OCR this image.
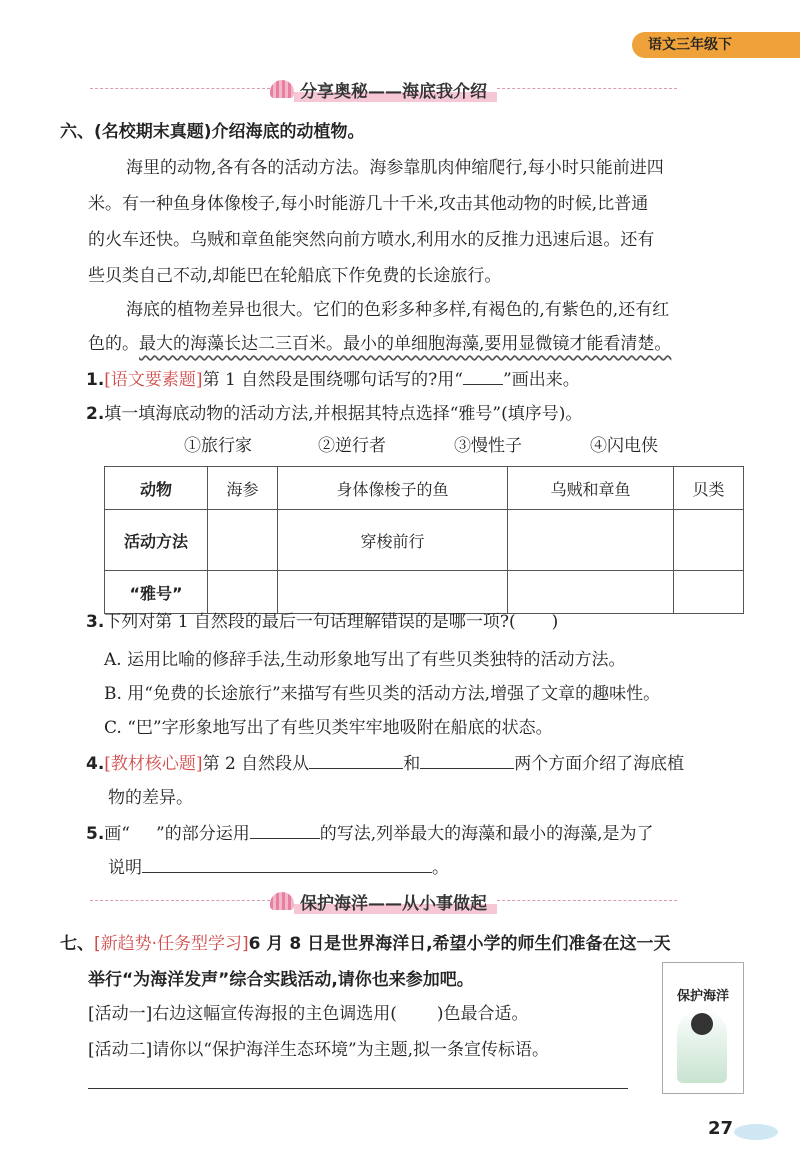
语文三年级下
分享奥秘——海底我介绍
六、(名校期末真题)介绍海底的动植物。
海里的动物,各有各的活动方法。海参靠肌肉伸缩爬行,每小时只能前进四
米。有一种鱼身体像梭子,每小时能游几十千米,攻击其他动物的时候,比普通
的火车还快。乌贼和章鱼能突然向前方喷水,利用水的反推力迅速后退。还有
些贝类自己不动,却能巴在轮船底下作免费的长途旅行。
海底的植物差异也很大。它们的色彩多种多样,有褐色的,有紫色的,还有红
色的。最大的海藻长达二三百米。最小的单细胞海藻,要用显微镜才能看清楚。
1.[语文要素题]第 1 自然段是围绕哪句话写的?用“ ”画出来。
2.填一填海底动物的活动方法,并根据其特点选择“雅号”(填序号)。
①旅行家	②逆行者	③慢性子	④闪电侠
动物	海参	身体像梭子的鱼	乌贼和章鱼	贝类
活动方法		穿梭前行		
“雅号”				
3.下列对第 1 自然段的最后一句话理解错误的是哪一项?( )
A. 运用比喻的修辞手法,生动形象地写出了有些贝类独特的活动方法。
B. 用“免费的长途旅行”来描写有些贝类的活动方法,增强了文章的趣味性。
C. “巴”字形象地写出了有些贝类牢牢地吸附在船底的状态。
4.[教材核心题]第 2 自然段从	和	两个方面介绍了海底植
物的差异。
5.画“ ”的部分运用	的写法,列举最大的海藻和最小的海藻,是为了
说明	。
保护海洋——从小事做起
七、[新趋势·任务型学习]6 月 8 日是世界海洋日,希望小学的师生们准备在这一天
举行“为海洋发声”综合实践活动,请你也来参加吧。
[活动一]右边这幅宣传海报的主色调选用( )色最合适。
[活动二]请你以“保护海洋生态环境”为主题,拟一条宣传标语。
保护海洋
27
